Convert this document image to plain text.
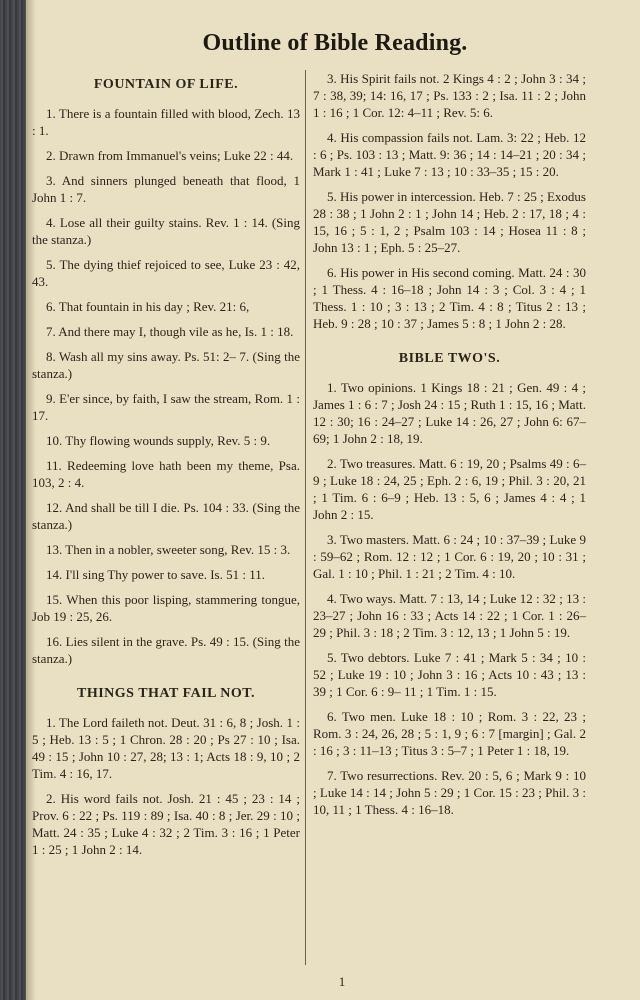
Outline of Bible Reading.
FOUNTAIN OF LIFE.

1. There is a fountain filled with blood, Zech. 13 : 1.

2. Drawn from Immanuel's veins; Luke 22 : 44.

3. And sinners plunged beneath that flood, 1 John 1 : 7.

4. Lose all their guilty stains. Rev. 1 : 14. (Sing the stanza.)

5. The dying thief rejoiced to see, Luke 23 : 42, 43.

6. That fountain in his day ; Rev. 21: 6,

7. And there may I, though vile as he, Is. 1 : 18.

8. Wash all my sins away. Ps. 51: 2– 7. (Sing the stanza.)

9. E'er since, by faith, I saw the stream, Rom. 1 : 17.

10. Thy flowing wounds supply, Rev. 5 : 9.

11. Redeeming love hath been my theme, Psa. 103, 2 : 4.

12. And shall be till I die. Ps. 104 : 33. (Sing the stanza.)

13. Then in a nobler, sweeter song, Rev. 15 : 3.

14. I'll sing Thy power to save. Is. 51 : 11.

15. When this poor lisping, stammering tongue, Job 19 : 25, 26.

16. Lies silent in the grave. Ps. 49 : 15. (Sing the stanza.)

THINGS THAT FAIL NOT.

1. The Lord faileth not. Deut. 31 : 6, 8 ; Josh. 1 : 5 ; Heb. 13 : 5 ; 1 Chron. 28 : 20 ; Ps 27 : 10 ; Isa. 49 : 15 ; John 10 : 27, 28; 13 : 1; Acts 18 : 9, 10 ; 2 Tim. 4 : 16, 17.

2. His word fails not. Josh. 21 : 45 ; 23 : 14 ; Prov. 6 : 22 ; Ps. 119 : 89 ; Isa. 40 : 8 ; Jer. 29 : 10 ; Matt. 24 : 35 ; Luke 4 : 32 ; 2 Tim. 3 : 16 ; 1 Peter 1 : 25 ; 1 John 2 : 14.

3. His Spirit fails not. 2 Kings 4 : 2 ; John 3 : 34 ; 7 : 38, 39; 14: 16, 17 ; Ps. 133 : 2 ; Isa. 11 : 2 ; John 1 : 16 ; 1 Cor. 12: 4–11 ; Rev. 5: 6.

4. His compassion fails not. Lam. 3: 22 ; Heb. 12 : 6 ; Ps. 103 : 13 ; Matt. 9: 36 ; 14 : 14–21 ; 20 : 34 ; Mark 1 : 41 ; Luke 7 : 13 ; 10 : 33–35 ; 15 : 20.

5. His power in intercession. Heb. 7 : 25 ; Exodus 28 : 38 ; 1 John 2 : 1 ; John 14 ; Heb. 2 : 17, 18 ; 4 : 15, 16 ; 5 : 1, 2 ; Psalm 103 : 14 ; Hosea 11 : 8 ; John 13 : 1 ; Eph. 5 : 25–27.

6. His power in His second coming. Matt. 24 : 30 ; 1 Thess. 4 : 16–18 ; John 14 : 3 ; Col. 3 : 4 ; 1 Thess. 1 : 10 ; 3 : 13 ; 2 Tim. 4 : 8 ; Titus 2 : 13 ; Heb. 9 : 28 ; 10 : 37 ; James 5 : 8 ; 1 John 2 : 28.

BIBLE TWO'S.

1. Two opinions. 1 Kings 18 : 21 ; Gen. 49 : 4 ; James 1 : 6 : 7 ; Josh 24 : 15 ; Ruth 1 : 15, 16 ; Matt. 12 : 30; 16 : 24–27 ; Luke 14 : 26, 27 ; John 6: 67–69; 1 John 2 : 18, 19.

2. Two treasures. Matt. 6 : 19, 20 ; Psalms 49 : 6–9 ; Luke 18 : 24, 25 ; Eph. 2 : 6, 19 ; Phil. 3 : 20, 21 ; 1 Tim. 6 : 6–9 ; Heb. 13 : 5, 6 ; James 4 : 4 ; 1 John 2 : 15.

3. Two masters. Matt. 6 : 24 ; 10 : 37–39 ; Luke 9 : 59–62 ; Rom. 12 : 12 ; 1 Cor. 6 : 19, 20 ; 10 : 31 ; Gal. 1 : 10 ; Phil. 1 : 21 ; 2 Tim. 4 : 10.

4. Two ways. Matt. 7 : 13, 14 ; Luke 12 : 32 ; 13 : 23–27 ; John 16 : 33 ; Acts 14 : 22 ; 1 Cor. 1 : 26–29 ; Phil. 3 : 18 ; 2 Tim. 3 : 12, 13 ; 1 John 5 : 19.

5. Two debtors. Luke 7 : 41 ; Mark 5 : 34 ; 10 : 52 ; Luke 19 : 10 ; John 3 : 16 ; Acts 10 : 43 ; 13 : 39 ; 1 Cor. 6 : 9– 11 ; 1 Tim. 1 : 15.

6. Two men. Luke 18 : 10 ; Rom. 3 : 22, 23 ; Rom. 3 : 24, 26, 28 ; 5 : 1, 9 ; 6 : 7 [margin] ; Gal. 2 : 16 ; 3 : 11–13 ; Titus 3 : 5–7 ; 1 Peter 1 : 18, 19.

7. Two resurrections. Rev. 20 : 5, 6 ; Mark 9 : 10 ; Luke 14 : 14 ; John 5 : 29 ; 1 Cor. 15 : 23 ; Phil. 3 : 10, 11 ; 1 Thess. 4 : 16–18.

1
